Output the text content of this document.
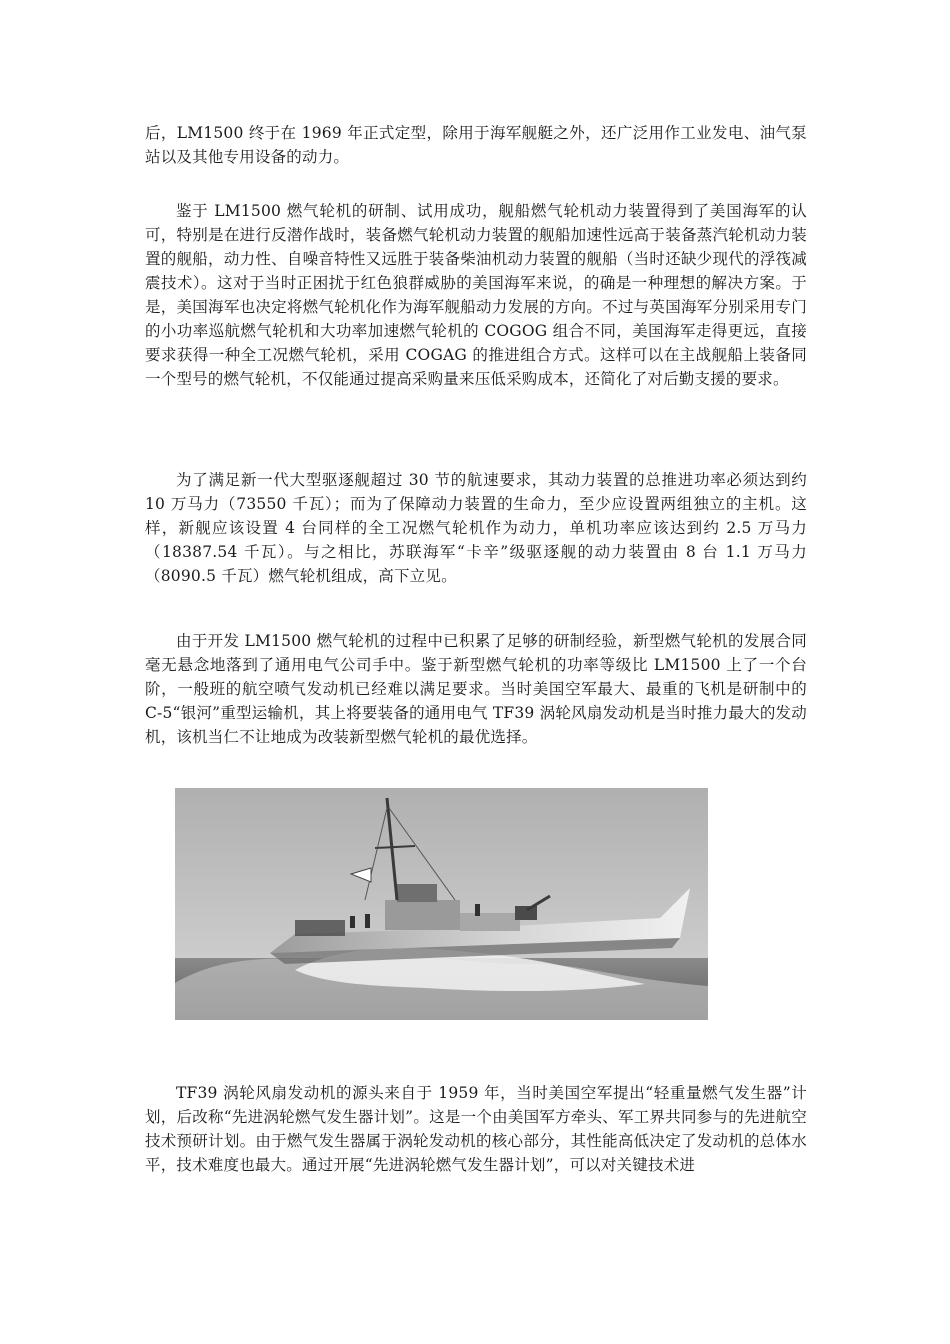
后，LM1500 终于在 1969 年正式定型，除用于海军舰艇之外，还广泛用作工业发电、油气泵站以及其他专用设备的动力。

鉴于 LM1500 燃气轮机的研制、试用成功，舰船燃气轮机动力装置得到了美国海军的认可，特别是在进行反潜作战时，装备燃气轮机动力装置的舰船加速性远高于装备蒸汽轮机动力装置的舰船，动力性、自噪音特性又远胜于装备柴油机动力装置的舰船（当时还缺少现代的浮筏减震技术）。这对于当时正困扰于红色狼群威胁的美国海军来说，的确是一种理想的解决方案。于是，美国海军也决定将燃气轮机化作为海军舰船动力发展的方向。不过与英国海军分别采用专门的小功率巡航燃气轮机和大功率加速燃气轮机的 COGOG 组合不同，美国海军走得更远，直接要求获得一种全工况燃气轮机，采用 COGAG 的推进组合方式。这样可以在主战舰船上装备同一个型号的燃气轮机，不仅能通过提高采购量来压低采购成本，还简化了对后勤支援的要求。

为了满足新一代大型驱逐舰超过 30 节的航速要求，其动力装置的总推进功率必须达到约 10 万马力（73550 千瓦）；而为了保障动力装置的生命力，至少应设置两组独立的主机。这样，新舰应该设置 4 台同样的全工况燃气轮机作为动力，单机功率应该达到约 2.5 万马力（18387.54 千瓦）。与之相比，苏联海军“卡辛”级驱逐舰的动力装置由 8 台 1.1 万马力（8090.5 千瓦）燃气轮机组成，高下立见。

由于开发 LM1500 燃气轮机的过程中已积累了足够的研制经验，新型燃气轮机的发展合同毫无悬念地落到了通用电气公司手中。鉴于新型燃气轮机的功率等级比 LM1500 上了一个台阶，一般班的航空喷气发动机已经难以满足要求。当时美国空军最大、最重的飞机是研制中的 C-5“银河”重型运输机，其上将要装备的通用电气 TF39 涡轮风扇发动机是当时推力最大的发动机，该机当仁不让地成为改装新型燃气轮机的最优选择。

TF39 涡轮风扇发动机的源头来自于 1959 年，当时美国空军提出“轻重量燃气发生器”计划，后改称“先进涡轮燃气发生器计划”。这是一个由美国军方牵头、军工界共同参与的先进航空技术预研计划。由于燃气发生器属于涡轮发动机的核心部分，其性能高低决定了发动机的总体水平，技术难度也最大。通过开展“先进涡轮燃气发生器计划”，可以对关键技术进
